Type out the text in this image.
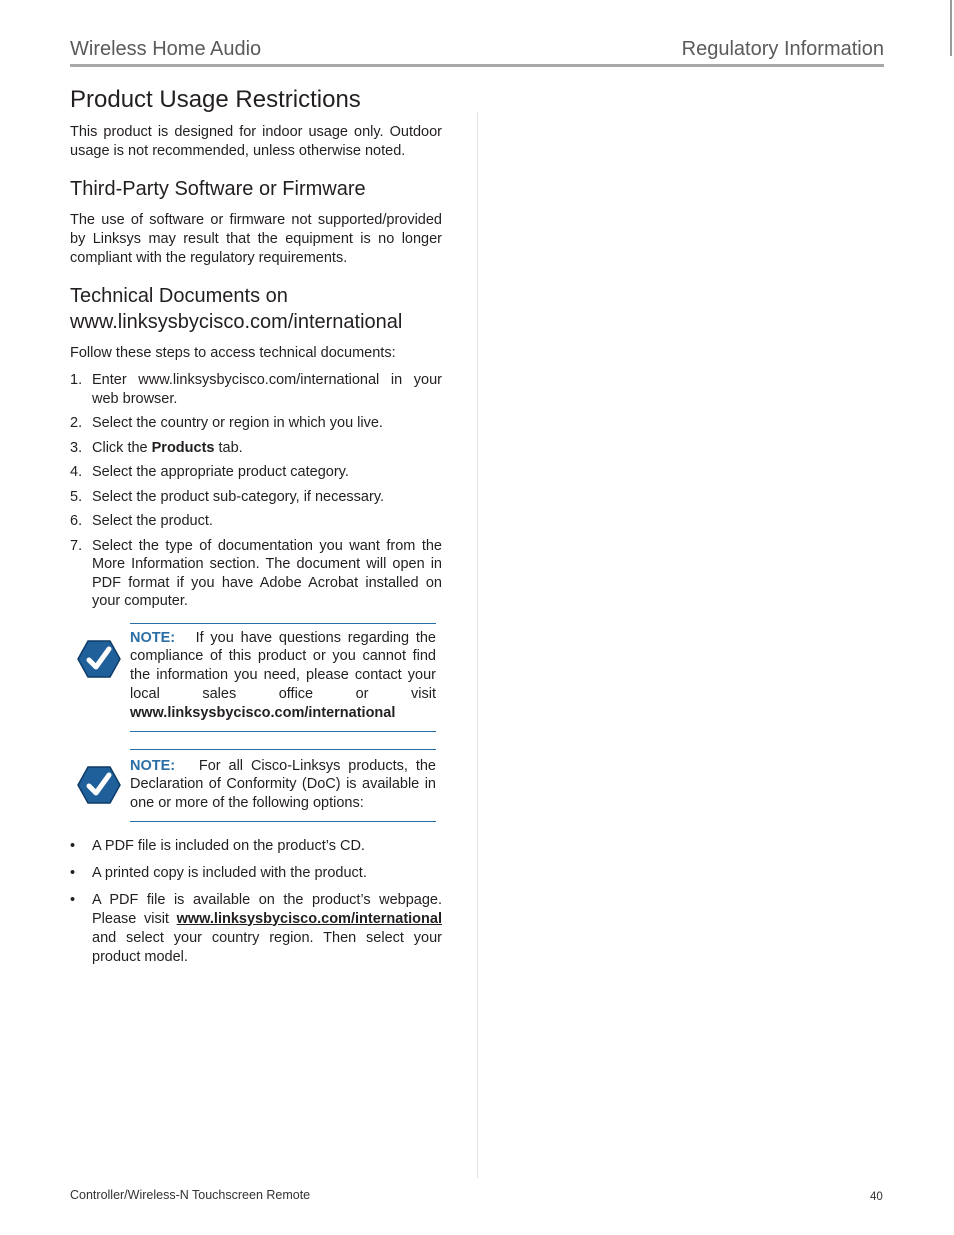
Wireless Home Audio	Regulatory Information
Product Usage Restrictions

This product is designed for indoor usage only. Outdoor usage is not recommended, unless otherwise noted.

Third-Party Software or Firmware

The use of software or firmware not supported/provided by Linksys may result that the equipment is no longer compliant with the regulatory requirements.

Technical Documents on
www.linksysbycisco.com/international

Follow these steps to access technical documents:

1. Enter www.linksysbycisco.com/international in your web browser.
2. Select the country or region in which you live.
3. Click the Products tab.
4. Select the appropriate product category.
5. Select the product sub-category, if necessary.
6. Select the product.
7. Select the type of documentation you want from the More Information section. The document will open in PDF format if you have Adobe Acrobat installed on your computer.
NOTE: If you have questions regarding the compliance of this product or you cannot find the information you need, please contact your local sales office or visit www.linksysbycisco.com/international
NOTE: For all Cisco-Linksys products, the Declaration of Conformity (DoC) is available in one or more of the following options:
• A PDF file is included on the product’s CD.
• A printed copy is included with the product.
• A PDF file is available on the product’s webpage. Please visit www.linksysbycisco.com/international and select your country region. Then select your product model.
Controller/Wireless-N Touchscreen Remote	40
